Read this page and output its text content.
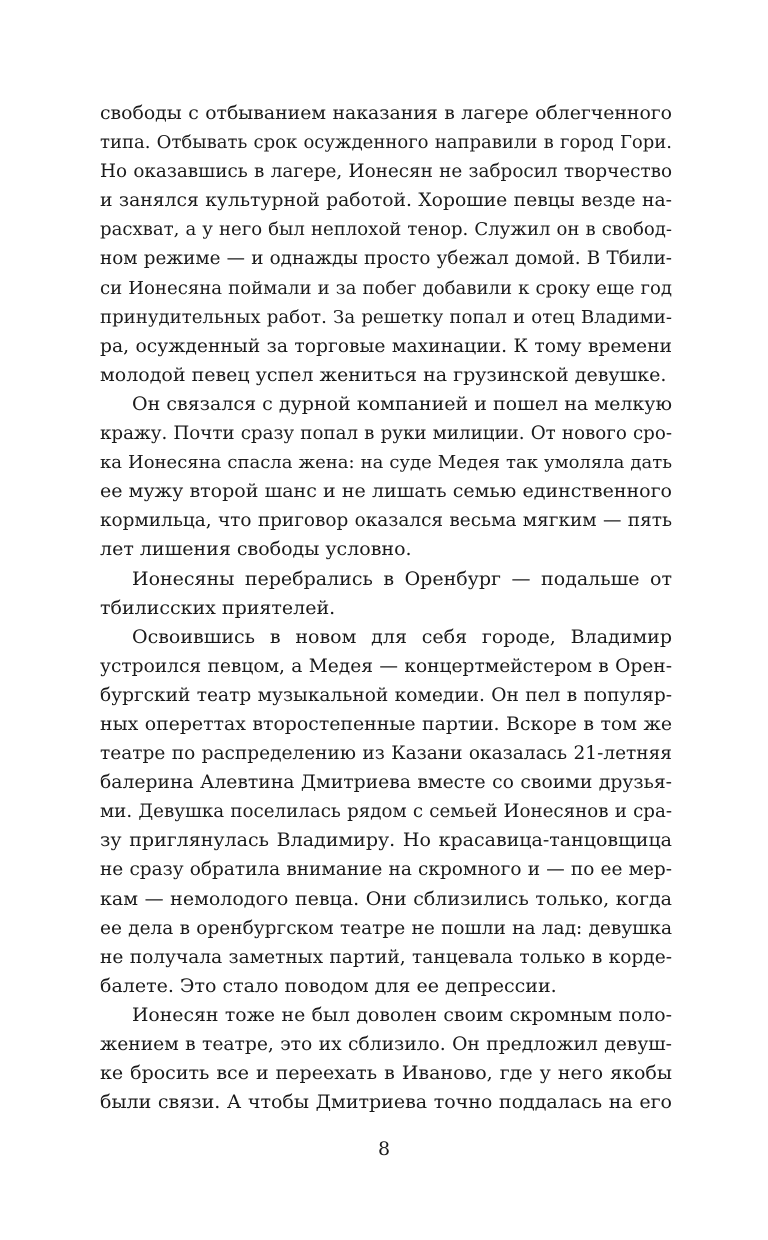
свободы с отбыванием наказания в лагере облегченного
типа. Отбывать срок осужденного направили в город Гори.
Но оказавшись в лагере, Ионесян не забросил творчество
и занялся культурной работой. Хорошие певцы везде на-
расхват, а у него был неплохой тенор. Служил он в свобод-
ном режиме — и однажды просто убежал домой. В Тбили-
си Ионесяна поймали и за побег добавили к сроку еще год
принудительных работ. За решетку попал и отец Владими-
ра, осужденный за торговые махинации. К тому времени
молодой певец успел жениться на грузинской девушке.
Он связался с дурной компанией и пошел на мелкую
кражу. Почти сразу попал в руки милиции. От нового сро-
ка Ионесяна спасла жена: на суде Медея так умоляла дать
ее мужу второй шанс и не лишать семью единственного
кормильца, что приговор оказался весьма мягким — пять
лет лишения свободы условно.
Ионесяны перебрались в Оренбург — подальше от
тбилисских приятелей.
Освоившись в новом для себя городе, Владимир
устроился певцом, а Медея — концертмейстером в Орен-
бургский театр музыкальной комедии. Он пел в популяр-
ных опереттах второстепенные партии. Вскоре в том же
театре по распределению из Казани оказалась 21-летняя
балерина Алевтина Дмитриева вместе со своими друзья-
ми. Девушка поселилась рядом с семьей Ионесянов и сра-
зу приглянулась Владимиру. Но красавица-танцовщица
не сразу обратила внимание на скромного и — по ее мер-
кам — немолодого певца. Они сблизились только, когда
ее дела в оренбургском театре не пошли на лад: девушка
не получала заметных партий, танцевала только в корде-
балете. Это стало поводом для ее депрессии.
Ионесян тоже не был доволен своим скромным поло-
жением в театре, это их сблизило. Он предложил девуш-
ке бросить все и переехать в Иваново, где у него якобы
были связи. А чтобы Дмитриева точно поддалась на его
8
